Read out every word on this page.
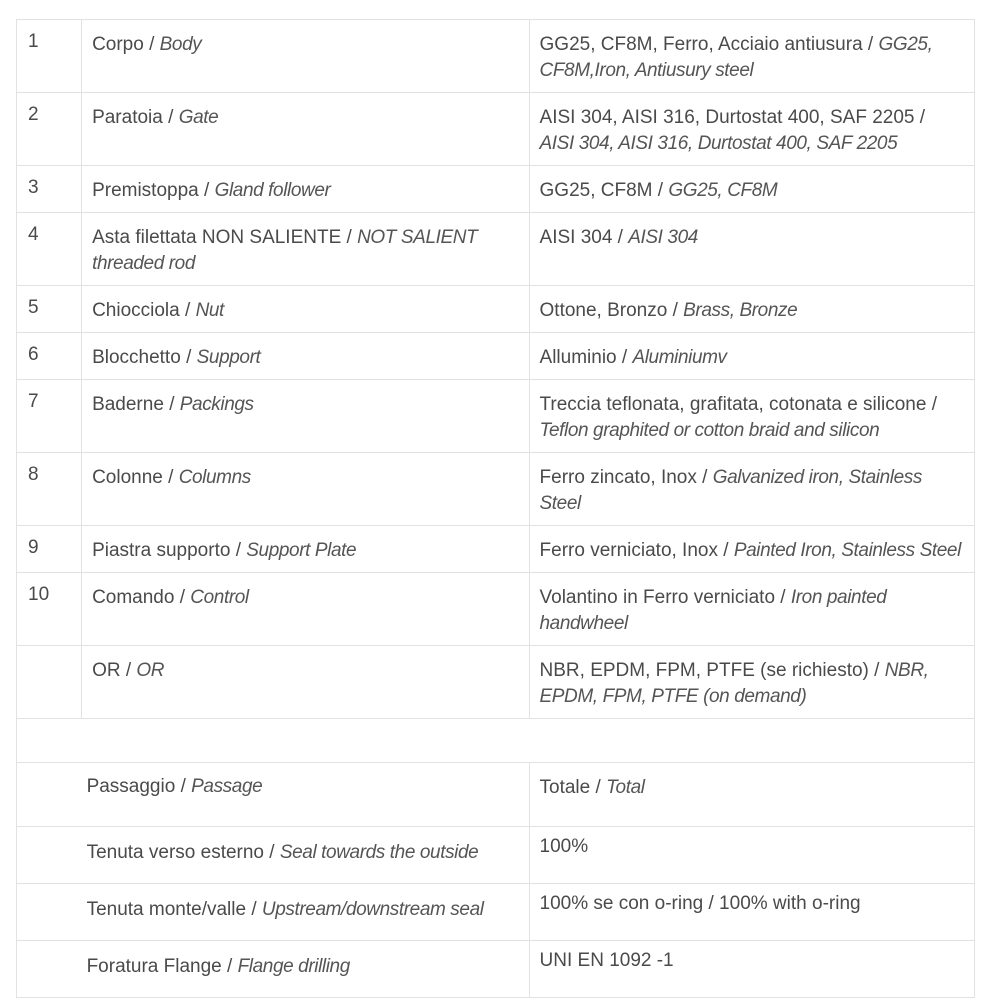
1	Corpo / Body	GG25, CF8M, Ferro, Acciaio antiusura / GG25, CF8M,Iron, Antiusury steel
2	Paratoia / Gate	AISI 304, AISI 316, Durtostat 400, SAF 2205 / AISI 304, AISI 316, Durtostat 400, SAF 2205
3	Premistoppa / Gland follower	GG25, CF8M / GG25, CF8M
4	Asta filettata NON SALIENTE / NOT SALIENT threaded rod	AISI 304 / AISI 304
5	Chiocciola / Nut	Ottone, Bronzo / Brass, Bronze
6	Blocchetto / Support	Alluminio / Aluminiumv
7	Baderne / Packings	Treccia teflonata, grafitata, cotonata e silicone / Teflon graphited or cotton braid and silicon
8	Colonne / Columns	Ferro zincato, Inox / Galvanized iron, Stainless Steel
9	Piastra supporto / Support Plate	Ferro verniciato, Inox / Painted Iron, Stainless Steel
10	Comando / Control	Volantino in Ferro verniciato / Iron painted handwheel
	OR / OR	NBR, EPDM, FPM, PTFE (se richiesto) / NBR, EPDM, FPM, PTFE (on demand)

	Passaggio / Passage	Totale / Total
	Tenuta verso esterno / Seal towards the outside	100%
	Tenuta monte/valle / Upstream/downstream seal	100% se con o-ring / 100% with o-ring
	Foratura Flange / Flange drilling	UNI EN 1092 -1
